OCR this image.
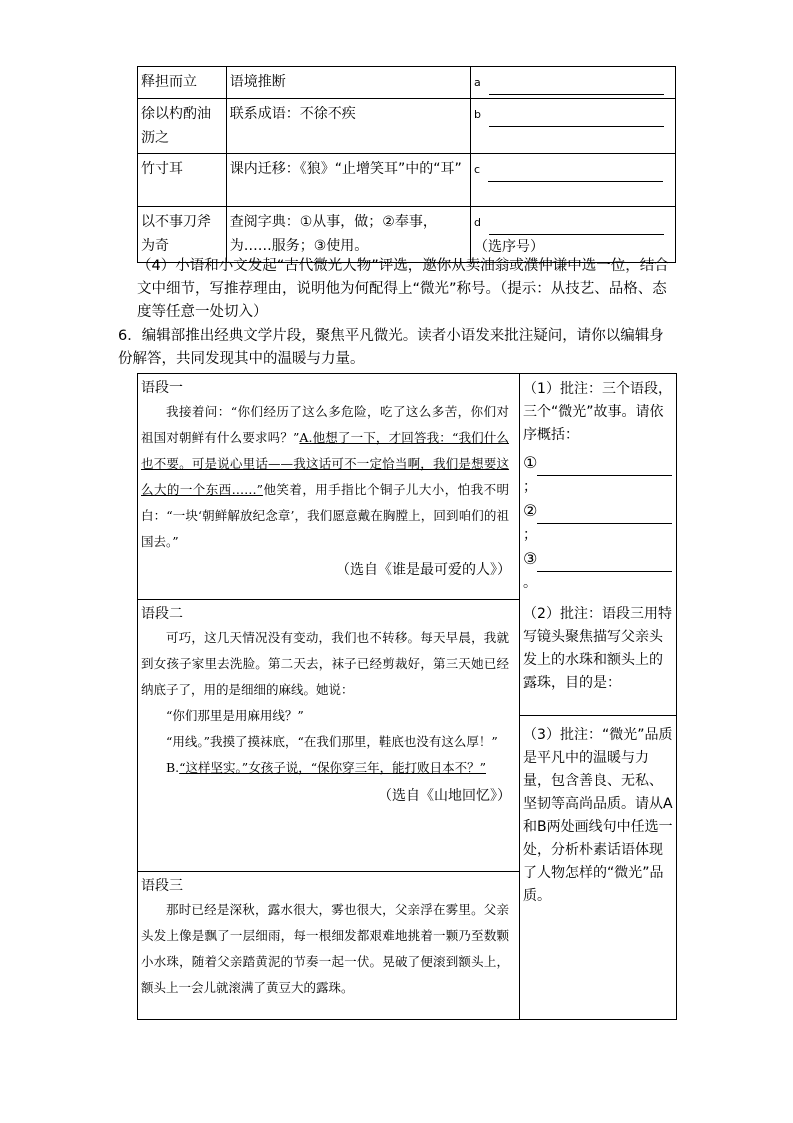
释担而立	语境推断	a
徐以杓酌油沥之	联系成语：不徐不疾	b
竹寸耳	课内迁移：《狼》“止增笑耳”中的“耳”	c
以不事刀斧为奇	查阅字典：①从事，做；②奉事，为……服务；③使用。	d
（选序号）
（4）小语和小文发起“古代微光人物”评选，邀你从卖油翁或濮仲谦中选一位，结合文中细节，写推荐理由，说明他为何配得上“微光”称号。（提示：从技艺、品格、态度等任意一处切入）
6．编辑部推出经典文学片段，聚焦平凡微光。读者小语发来批注疑问，请你以编辑身份解答，共同发现其中的温暖与力量。
语段一
我接着问：“你们经历了这么多危险，吃了这么多苦，你们对祖国对朝鲜有什么要求吗？”A.他想了一下，才回答我：“我们什么也不要。可是说心里话——我这话可不一定恰当啊，我们是想要这么大的一个东西……”他笑着，用手指比个铜子儿大小，怕我不明白：“一块‘朝鲜解放纪念章’，我们愿意戴在胸膛上，回到咱们的祖国去。”
（选自《谁是最可爱的人》）

（1）批注：三个语段，三个“微光”故事。请依序概括：
①
；
②
；
③
。
（2）批注：语段三用特写镜头聚焦描写父亲头发上的水珠和额头上的露珠，目的是：
（3）批注：“微光”品质是平凡中的温暖与力量，包含善良、无私、坚韧等高尚品质。请从A和B两处画线句中任选一处，分析朴素话语体现了人物怎样的“微光”品质。

语段二
可巧，这几天情况没有变动，我们也不转移。每天早晨，我就到女孩子家里去洗脸。第二天去，袜子已经剪裁好，第三天她已经纳底子了，用的是细细的麻线。她说：
“你们那里是用麻用线？”
“用线。”我摸了摸袜底，“在我们那里，鞋底也没有这么厚！”
B.“这样坚实。”女孩子说，“保你穿三年，能打败日本不？”
（选自《山地回忆》）

语段三
那时已经是深秋，露水很大，雾也很大，父亲浮在雾里。父亲头发上像是飘了一层细雨，每一根细发都艰难地挑着一颗乃至数颗小水珠，随着父亲踏黄泥的节奏一起一伏。晃破了便滚到额头上，额头上一会儿就滚满了黄豆大的露珠。
